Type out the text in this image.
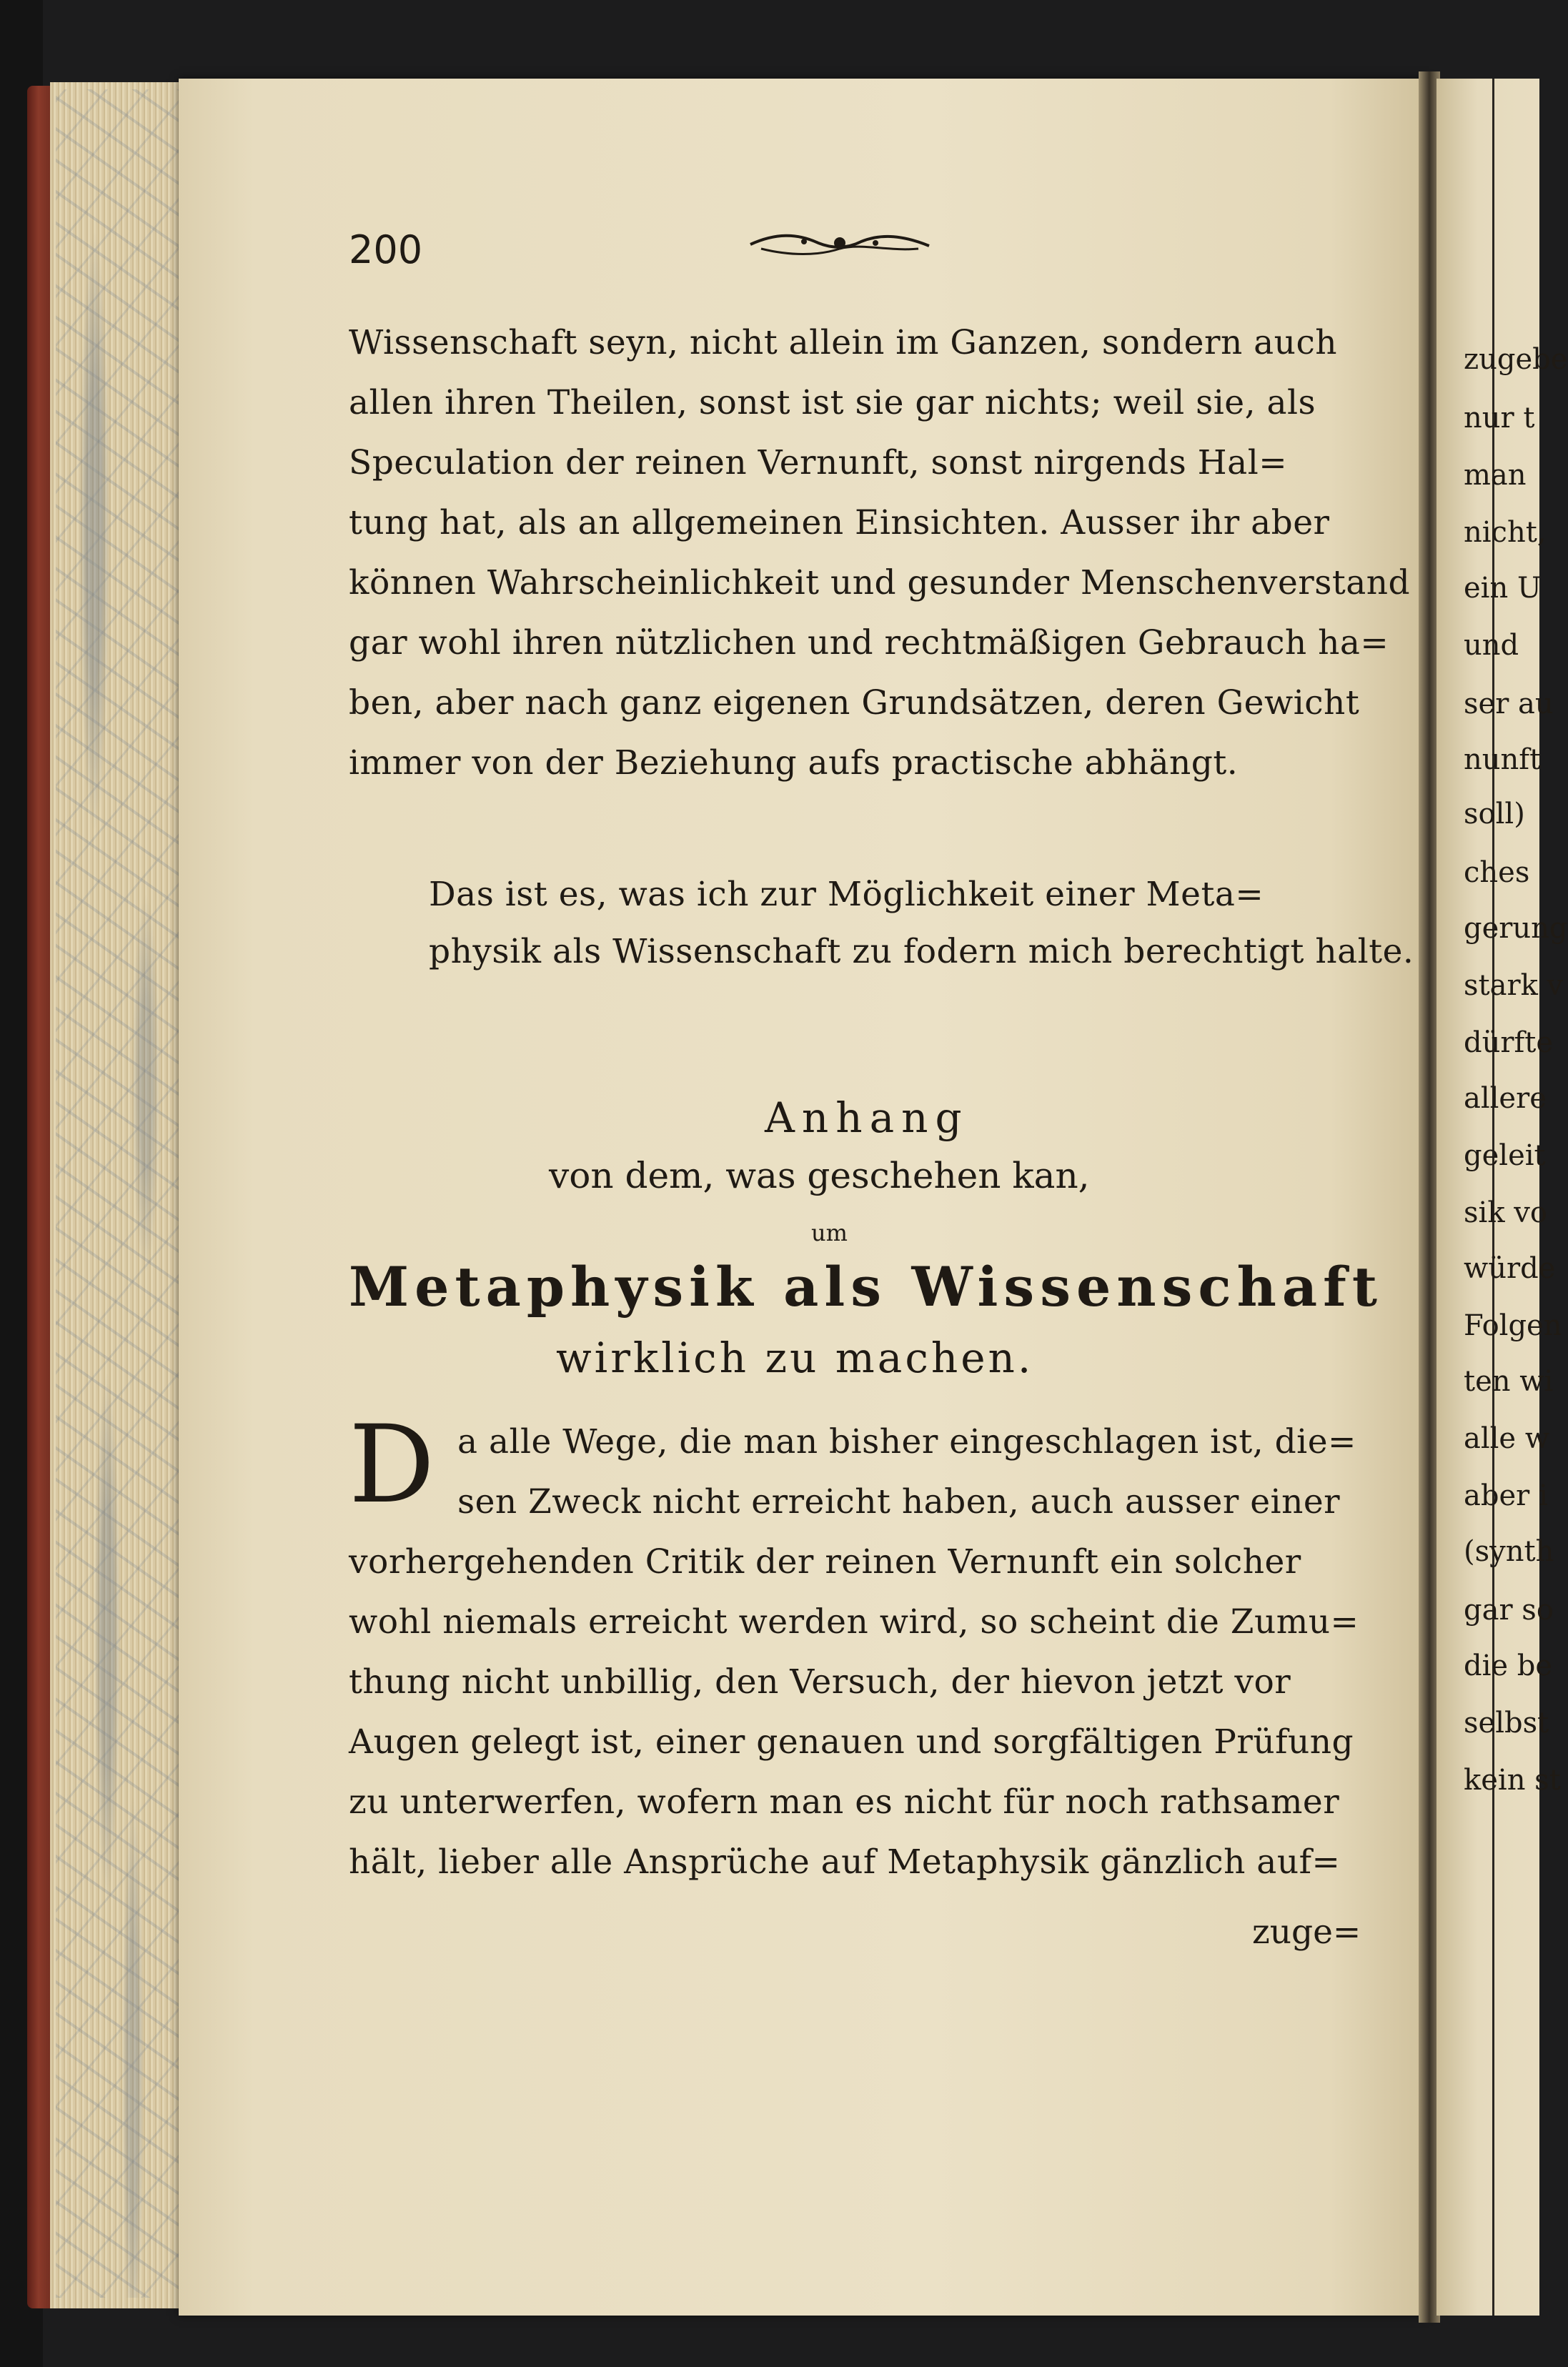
200
Wissenschaft seyn, nicht allein im Ganzen, sondern auch
allen ihren Theilen, sonst ist sie gar nichts; weil sie, als
Speculation der reinen Vernunft, sonst nirgends Hal=
tung hat, als an allgemeinen Einsichten. Ausser ihr aber
können Wahrscheinlichkeit und gesunder Menschenverstand
gar wohl ihren nützlichen und rechtmäßigen Gebrauch ha=
ben, aber nach ganz eigenen Grundsätzen, deren Gewicht
immer von der Beziehung aufs practische abhängt.
Das ist es, was ich zur Möglichkeit einer Meta=
physik als Wissenschaft zu fodern mich berechtigt halte.
a alle Wege, die man bisher eingeschlagen ist, die=
sen Zweck nicht erreicht haben, auch ausser einer
vorhergehenden Critik der reinen Vernunft ein solcher
wohl niemals erreicht werden wird, so scheint die Zumu=
thung nicht unbillig, den Versuch, der hievon jetzt vor
Augen gelegt ist, einer genauen und sorgfältigen Prüfung
zu unterwerfen, wofern man es nicht für noch rathsamer
hält, lieber alle Ansprüche auf Metaphysik gänzlich auf=
Anhang
von dem, was geschehen kan,
um
Metaphysik als Wissenschaft
wirklich zu machen.
D
zuge=
zugebe
nur t
man
nicht,
ein U
und
ser au
nunft
soll)
ches
gerung
stark v
dürfte
allere
geleit
sik vo
würde
Folgen
ten wi
alle w
aber i
(synth
gar so
die be
selbst
kein st
